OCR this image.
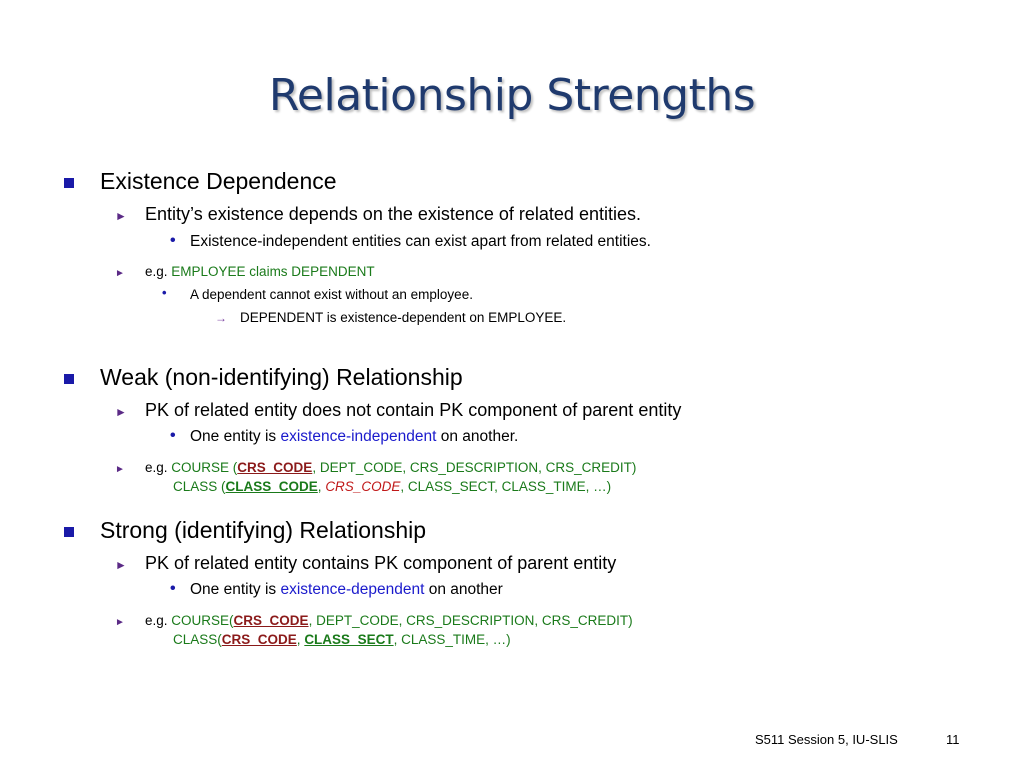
Relationship Strengths
Existence Dependence
► Entity’s existence depends on the existence of related entities.
• Existence-independent entities can exist apart from related entities.
► e.g. EMPLOYEE claims DEPENDENT
• A dependent cannot exist without an employee.
→ DEPENDENT is existence-dependent on EMPLOYEE.
Weak (non-identifying) Relationship
► PK of related entity does not contain PK component of parent entity
• One entity is existence-independent on another.
► e.g. COURSE (CRS_CODE, DEPT_CODE, CRS_DESCRIPTION, CRS_CREDIT)
CLASS (CLASS_CODE, CRS_CODE, CLASS_SECT, CLASS_TIME, …)
Strong (identifying) Relationship
► PK of related entity contains PK component of parent entity
• One entity is existence-dependent on another
► e.g. COURSE(CRS_CODE, DEPT_CODE, CRS_DESCRIPTION, CRS_CREDIT)
CLASS(CRS_CODE, CLASS_SECT, CLASS_TIME, …)
S511 Session 5, IU-SLIS	11
